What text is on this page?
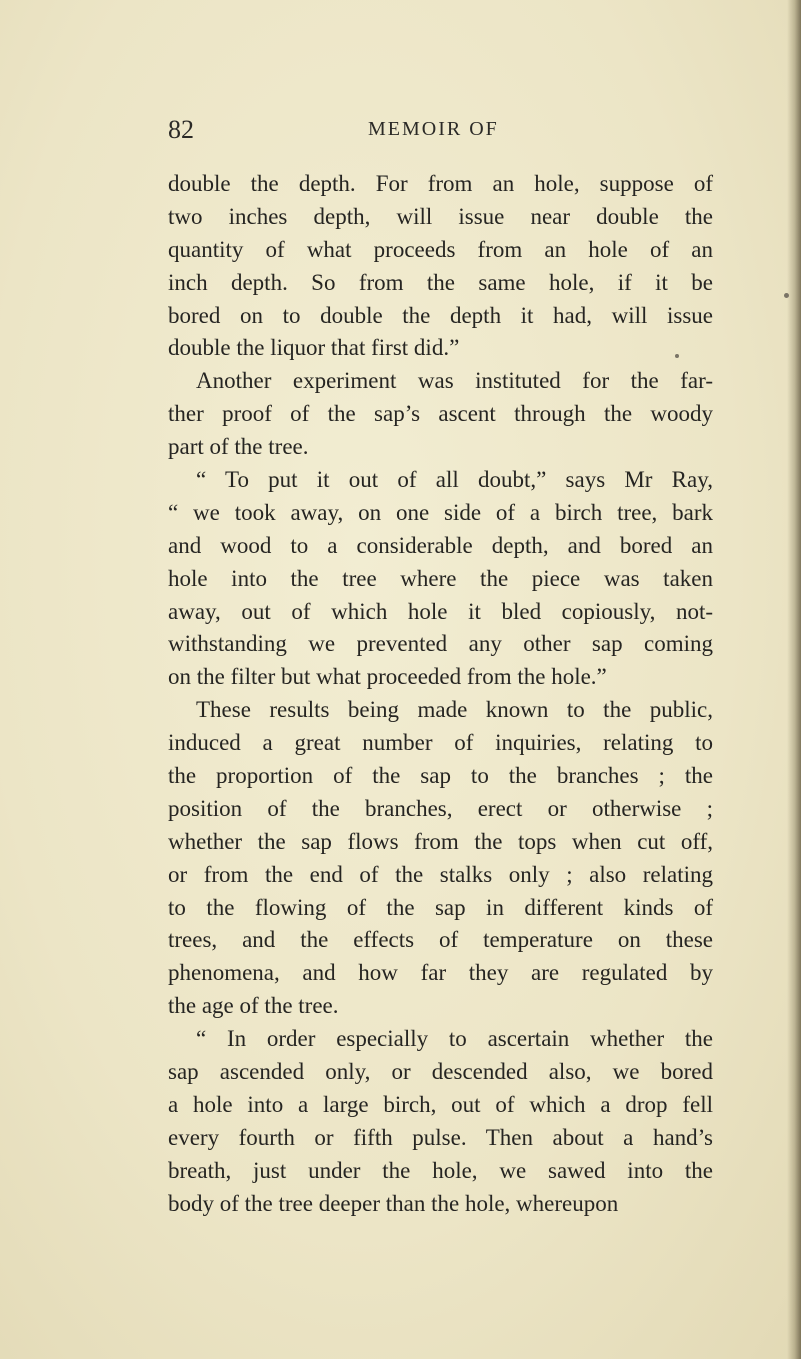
82	MEMOIR OF
double the depth. For from an hole, suppose of
two inches depth, will issue near double the
quantity of what proceeds from an hole of an
inch depth. So from the same hole, if it be
bored on to double the depth it had, will issue
double the liquor that first did.”
Another experiment was instituted for the far-
ther proof of the sap’s ascent through the woody
part of the tree.
“ To put it out of all doubt,” says Mr Ray,
“ we took away, on one side of a birch tree, bark
and wood to a considerable depth, and bored an
hole into the tree where the piece was taken
away, out of which hole it bled copiously, not-
withstanding we prevented any other sap coming
on the filter but what proceeded from the hole.”
These results being made known to the public,
induced a great number of inquiries, relating to
the proportion of the sap to the branches ; the
position of the branches, erect or otherwise ;
whether the sap flows from the tops when cut off,
or from the end of the stalks only ; also relating
to the flowing of the sap in different kinds of
trees, and the effects of temperature on these
phenomena, and how far they are regulated by
the age of the tree.
“ In order especially to ascertain whether the
sap ascended only, or descended also, we bored
a hole into a large birch, out of which a drop fell
every fourth or fifth pulse. Then about a hand’s
breath, just under the hole, we sawed into the
body of the tree deeper than the hole, whereupon
